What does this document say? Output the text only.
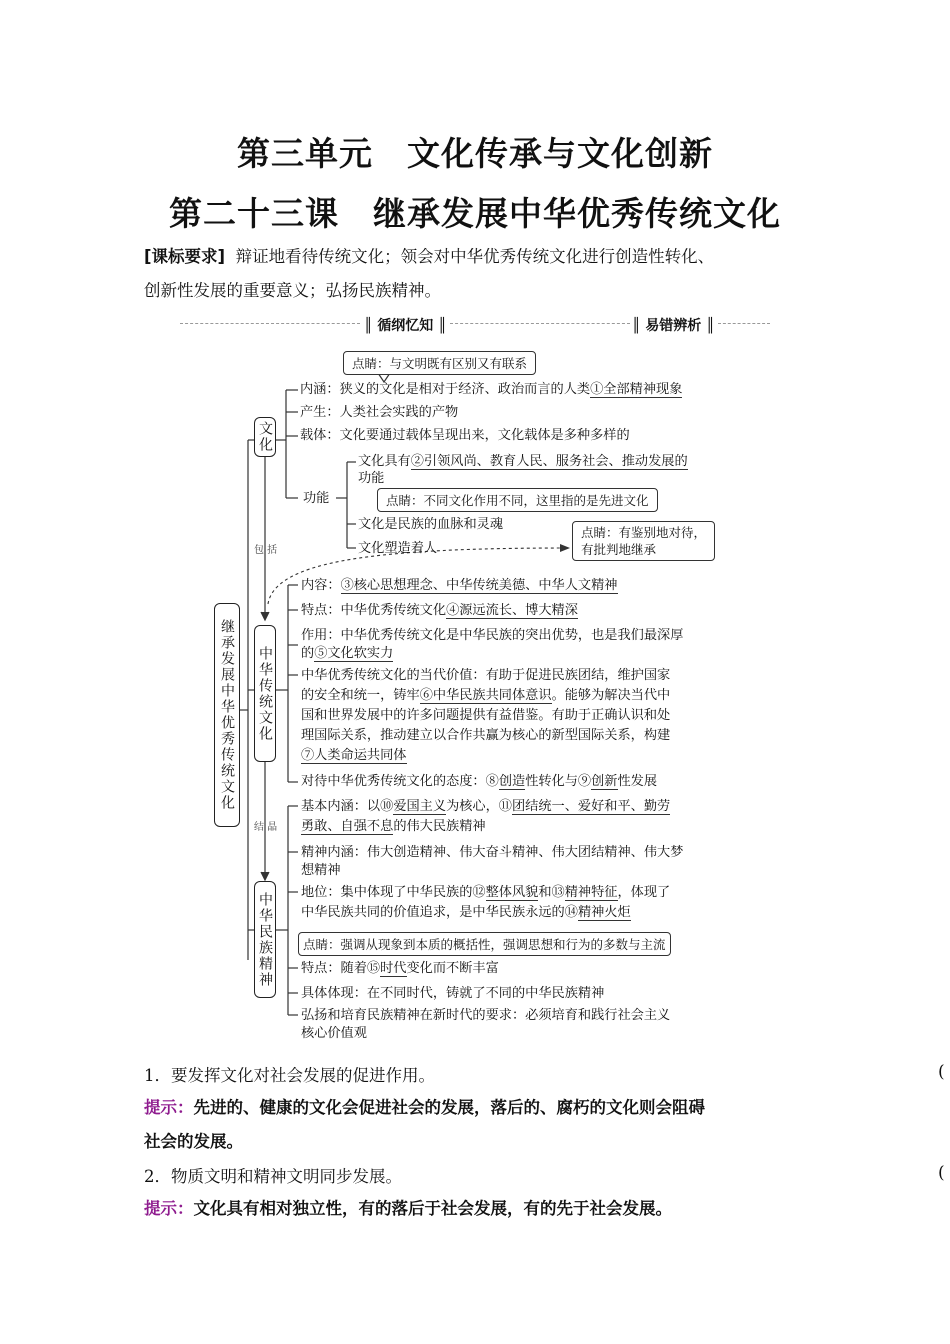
第三单元　文化传承与文化创新
第二十三课　继承发展中华优秀传统文化
[课标要求] 辩证地看待传统文化；领会对中华优秀传统文化进行创造性转化、
创新性发展的重要意义；弘扬民族精神。
║ 循纲忆知 ║	║ 易错辨析 ║
继承发展中华优秀传统文化
包 括
结 晶
文化
点睛：与文明既有区别又有联系
内涵：狭义的文化是相对于经济、政治而言的人类①全部精神现象
产生：人类社会实践的产物
载体：文化要通过载体呈现出来，文化载体是多种多样的
功能
文化具有②引领风尚、教育人民、服务社会、推动发展的
功能
点睛：不同文化作用不同，这里指的是先进文化
文化是民族的血脉和灵魂
文化塑造着人
点睛：有鉴别地对待，
有批判地继承
中华传统文化
内容：③核心思想理念、中华传统美德、中华人文精神
特点：中华优秀传统文化④源远流长、博大精深
作用：中华优秀传统文化是中华民族的突出优势，也是我们最深厚
的⑤文化软实力
中华优秀传统文化的当代价值：有助于促进民族团结，维护国家
的安全和统一，铸牢⑥中华民族共同体意识。能够为解决当代中
国和世界发展中的许多问题提供有益借鉴。有助于正确认识和处
理国际关系，推动建立以合作共赢为核心的新型国际关系，构建
⑦人类命运共同体
对待中华优秀传统文化的态度：⑧创造性转化与⑨创新性发展
中华民族精神
基本内涵：以⑩爱国主义为核心，⑪团结统一、爱好和平、勤劳
勇敢、自强不息的伟大民族精神
精神内涵：伟大创造精神、伟大奋斗精神、伟大团结精神、伟大梦
想精神
地位：集中体现了中华民族的⑫整体风貌和⑬精神特征，体现了
中华民族共同的价值追求，是中华民族永远的⑭精神火炬
点睛：强调从现象到本质的概括性，强调思想和行为的多数与主流
特点：随着⑮时代变化而不断丰富
具体体现：在不同时代，铸就了不同的中华民族精神
弘扬和培育民族精神在新时代的要求：必须培育和践行社会主义
核心价值观
1．要发挥文化对社会发展的促进作用。	(
提示：先进的、健康的文化会促进社会的发展，落后的、腐朽的文化则会阻碍
社会的发展。
2．物质文明和精神文明同步发展。	(
提示：文化具有相对独立性，有的落后于社会发展，有的先于社会发展。
